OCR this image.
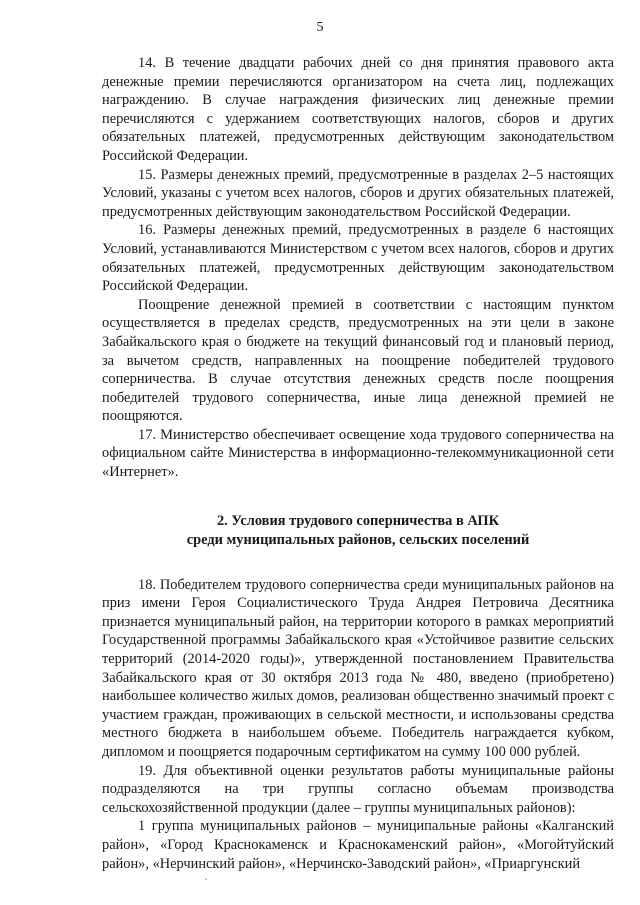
5

14. В течение двадцати рабочих дней со дня принятия правового акта денежные премии перечисляются организатором на счета лиц, подлежащих награждению. В случае награждения физических лиц денежные премии перечисляются с удержанием соответствующих налогов, сборов и других обязательных платежей, предусмотренных действующим законодательством Российской Федерации.

15. Размеры денежных премий, предусмотренные в разделах 2–5 настоящих Условий, указаны с учетом всех налогов, сборов и других обязательных платежей, предусмотренных действующим законодательством Российской Федерации.

16. Размеры денежных премий, предусмотренных в разделе 6 настоящих Условий, устанавливаются Министерством с учетом всех налогов, сборов и других обязательных платежей, предусмотренных действующим законодательством Российской Федерации.

Поощрение денежной премией в соответствии с настоящим пунктом осуществляется в пределах средств, предусмотренных на эти цели в законе Забайкальского края о бюджете на текущий финансовый год и плановый период, за вычетом средств, направленных на поощрение победителей трудового соперничества. В случае отсутствия денежных средств после поощрения победителей трудового соперничества, иные лица денежной премией не поощряются.

17. Министерство обеспечивает освещение хода трудового соперничества на официальном сайте Министерства в информационно-телекоммуникационной сети «Интернет».

2. Условия трудового соперничества в АПК
среди муниципальных районов, сельских поселений

18. Победителем трудового соперничества среди муниципальных районов на приз имени Героя Социалистического Труда Андрея Петровича Десятника признается муниципальный район, на территории которого в рамках мероприятий Государственной программы Забайкальского края «Устойчивое развитие сельских территорий (2014-2020 годы)», утвержденной постановлением Правительства Забайкальского края от 30 октября 2013 года № 480, введено (приобретено) наибольшее количество жилых домов, реализован общественно значимый проект с участием граждан, проживающих в сельской местности, и использованы средства местного бюджета в наибольшем объеме. Победитель награждается кубком, дипломом и поощряется подарочным сертификатом на сумму 100 000 рублей.

19. Для объективной оценки результатов работы муниципальные районы подразделяются на три группы согласно объемам производства сельскохозяйственной продукции (далее – группы муниципальных районов):

1 группа муниципальных районов – муниципальные районы «Калганский район», «Город Краснокаменск и Краснокаменский район», «Могойтуйский район», «Нерчинский район», «Нерчинско-Заводский район», «Приаргунский
